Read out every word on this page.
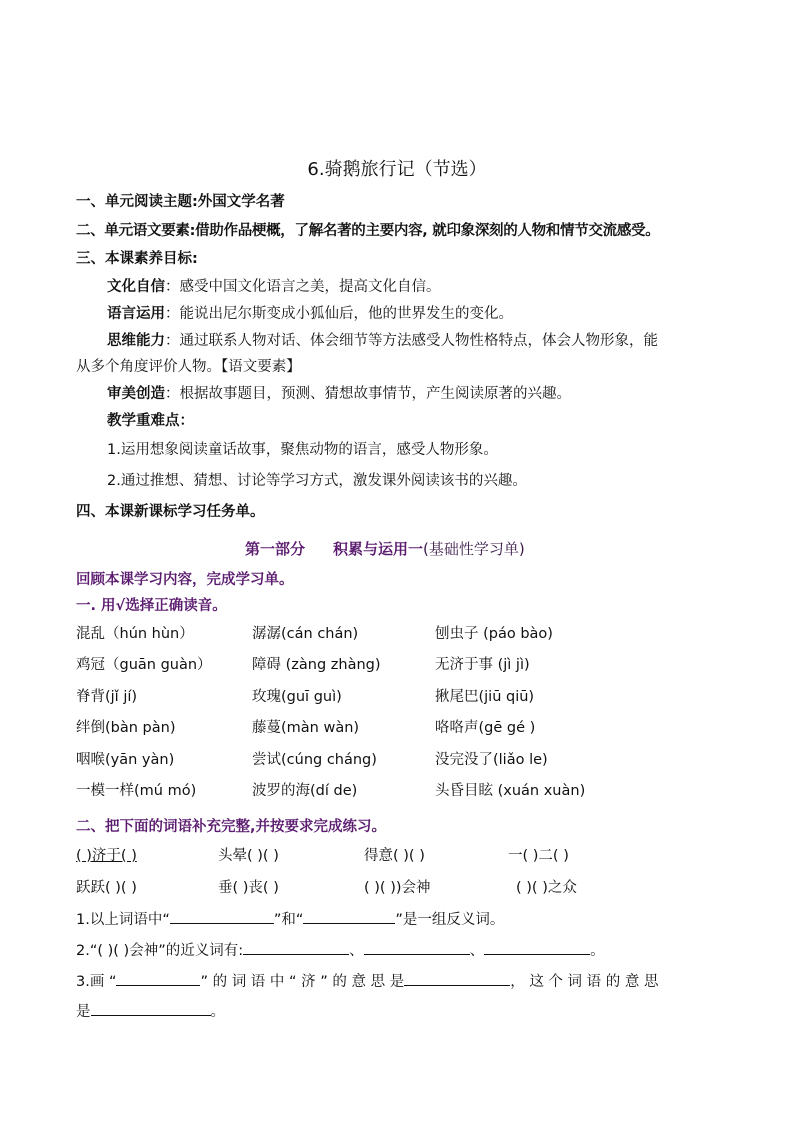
6.骑鹅旅行记（节选）
一、单元阅读主题:外国文学名著
二、单元语文要素:借助作品梗概，了解名著的主要内容, 就印象深刻的人物和情节交流感受。
三、本课素养目标:
文化自信：感受中国文化语言之美，提高文化自信。
语言运用：能说出尼尔斯变成小狐仙后，他的世界发生的变化。
思维能力：通过联系人物对话、体会细节等方法感受人物性格特点，体会人物形象，能
从多个角度评价人物。【语文要素】
审美创造：根据故事题目，预测、猜想故事情节，产生阅读原著的兴趣。
教学重难点：
1.运用想象阅读童话故事，聚焦动物的语言，感受人物形象。
2.通过推想、猜想、讨论等学习方式，激发课外阅读该书的兴趣。
四、本课新课标学习任务单。
第一部分 积累与运用一(基础性学习单)
回顾本课学习内容，完成学习单。
一. 用√选择正确读音。
混乱（hún hùn）	潺潺(cán chán)	刨虫子 (páo bào)
鸡冠（guān guàn）	障碍 (zàng zhàng)	无济于事 (jì jì)
脊背(jǐ jí)	玫瑰(guī guì)	揪尾巴(jiū qiū)
绊倒(bàn pàn)	藤蔓(màn wàn)	咯咯声(gē gé )
咽喉(yān yàn)	尝试(cúng cháng)	没完没了(liǎo le)
一模一样(mú mó)	波罗的海(dí de)	头昏目眩 (xuán xuàn)
二、把下面的词语补充完整,并按要求完成练习。
( )济于( )	头晕( )( )	得意( )( )	一( )二( )
跃跃( )( )	垂( )丧( )	( )( ))会神	( )( )之众
1.以上词语中“	”和“	”是一组反义词。
2.“( )( )会神”的近义词有:	、	、	。
3.画 “	” 的 词 语 中 “ 济 ” 的 意 思 是	， 这 个 词 语 的 意 思
是	。
